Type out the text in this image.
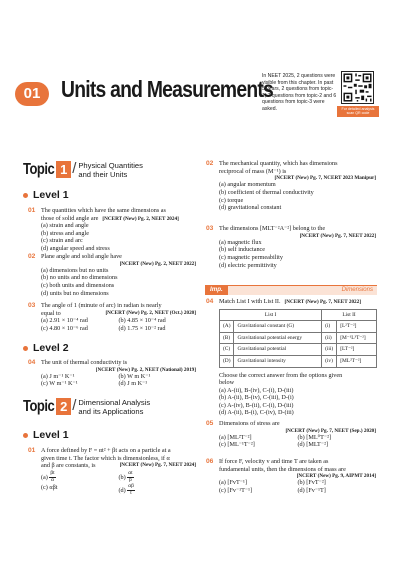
01 Units and Measurements
In NEET 2025, 2 questions were visible from this chapter. In past 5 years, 2 questions from topic-1, 7 questions from topic-2 and 6 questions from topic-3 were asked.	For detailed analysis scan QR code
Topic 1 / Physical Quantities
and their Units
Level 1
01 The quantities which have the same dimensions as
those of solid angle are [NCERT (New) Pg. 2, NEET 2024]
(a) strain and angle
(b) stress and angle
(c) strain and arc
(d) angular speed and stress
02 Plane angle and solid angle have
[NCERT (New) Pg. 2, NEET 2022]
(a) dimensions but no units
(b) no units and no dimensions
(c) both units and dimensions
(d) units but no dimensions
03 The angle of 1 (minute of arc) in radian is nearly
equal to	[NCERT (New) Pg. 2, NEET (Oct.) 2020]
(a) 2.91 × 10⁻⁴ rad	(b) 4.85 × 10⁻⁴ rad
(c) 4.80 × 10⁻⁶ rad	(d) 1.75 × 10⁻² rad
Level 2
04 The unit of thermal conductivity is
[NCERT (New) Pg. 2, NEET (National) 2019]
(a) J m⁻¹ K⁻¹	(b) W m K⁻¹
(c) W m⁻¹ K⁻¹	(d) J m K⁻¹
Topic 2 / Dimensional Analysis
and its Applications
Level 1
01 A force defined by F = αt² + βt acts on a particle at a
given time t. The factor which is dimensionless, if α
and β are constants, is	[NCERT (New) Pg. 7, NEET 2024]
$(a) \frac{\beta t}{\alpha}$	$(b) \frac{\alpha t}{\beta}$
(c) αβt	$(d) \frac{\alpha\beta}{t}$
02 The mechanical quantity, which has dimensions
reciprocal of mass (M⁻¹) is
[NCERT (New) Pg. 7, NCERT 2023 Manipur]
(a) angular momentum
(b) coefficient of thermal conductivity
(c) torque
(d) gravitational constant
03 The dimensions [MLT⁻²A⁻²] belong to the
[NCERT (New) Pg. 7, NEET 2022]
(a) magnetic flux
(b) self inductance
(c) magnetic permeability
(d) electric permittivity
Imp.	Dimensions
04 Match List I with List II. [NCERT (New) Pg. 7, NEET 2022]
List I		List II	
(A)	Gravitational constant (G)	(i)	[L²T⁻²]
(B)	Gravitational potential energy	(ii)	[M⁻¹L³T⁻²]
(C)	Gravitational potential	(iii)	[LT⁻²]
(D)	Gravitational intensity	(iv)	[ML²T⁻²]
Choose the correct answer from the options given
below
(a) A-(ii), B-(iv), C-(i), D-(iii)
(b) A-(ii), B-(iv), C-(iii), D-(i)
(c) A-(iv), B-(ii), C-(i), D-(iii)
(d) A-(ii), B-(i), C-(iv), D-(iii)
05 Dimensions of stress are
[NCERT (New) Pg. 7, NEET (Sep.) 2020]
(a) [ML²T⁻²]	(b) [ML⁰T⁻²]
(c) [ML⁻¹T⁻²]	(d) [MLT⁻²]
06 If force F, velocity v and time T are taken as
fundamental units, then the dimensions of mass are
[NCERT (New) Pg. 9, AIPMT 2014]
(a) [FvT⁻¹]	(b) [FvT⁻²]
(c) [Fv⁻¹T⁻¹]	(d) [Fv⁻¹T]
